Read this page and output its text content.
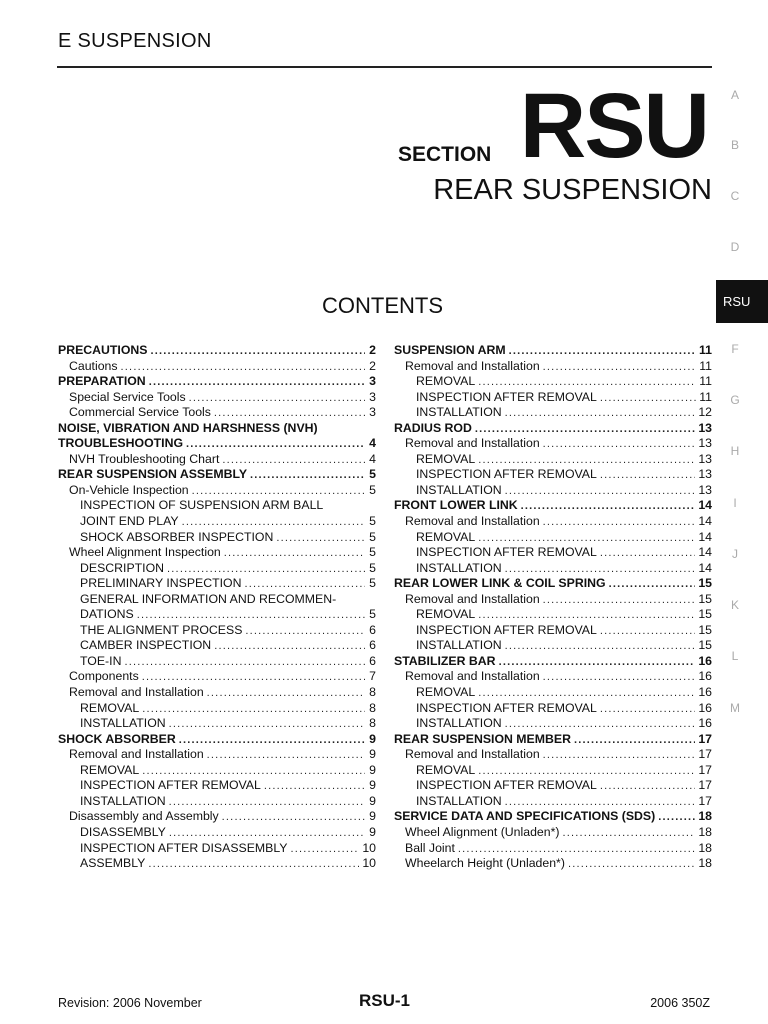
E SUSPENSION
SECTION RSU
REAR SUSPENSION
CONTENTS
A
B
C
D
RSU
F
G
H
I
J
K
L
M
PRECAUTIONS .....	2
Cautions .....	2
PREPARATION .....	3
Special Service Tools .....	3
Commercial Service Tools .....	3
NOISE, VIBRATION AND HARSHNESS (NVH)
TROUBLESHOOTING .....	4
NVH Troubleshooting Chart .....	4
REAR SUSPENSION ASSEMBLY .....	5
On-Vehicle Inspection .....	5
INSPECTION OF SUSPENSION ARM BALL
JOINT END PLAY .....	5
SHOCK ABSORBER INSPECTION .....	5
Wheel Alignment Inspection .....	5
DESCRIPTION .....	5
PRELIMINARY INSPECTION .....	5
GENERAL INFORMATION AND RECOMMEN-
DATIONS .....	5
THE ALIGNMENT PROCESS .....	6
CAMBER INSPECTION .....	6
TOE-IN .....	6
Components .....	7
Removal and Installation .....	8
REMOVAL .....	8
INSTALLATION .....	8
SHOCK ABSORBER .....	9
Removal and Installation .....	9
REMOVAL .....	9
INSPECTION AFTER REMOVAL .....	9
INSTALLATION .....	9
Disassembly and Assembly .....	9
DISASSEMBLY .....	9
INSPECTION AFTER DISASSEMBLY .....	10
ASSEMBLY .....	10
SUSPENSION ARM .....	11
Removal and Installation .....	11
REMOVAL .....	11
INSPECTION AFTER REMOVAL .....	11
INSTALLATION .....	12
RADIUS ROD .....	13
Removal and Installation .....	13
REMOVAL .....	13
INSPECTION AFTER REMOVAL .....	13
INSTALLATION .....	13
FRONT LOWER LINK .....	14
Removal and Installation .....	14
REMOVAL .....	14
INSPECTION AFTER REMOVAL .....	14
INSTALLATION .....	14
REAR LOWER LINK & COIL SPRING .....	15
Removal and Installation .....	15
REMOVAL .....	15
INSPECTION AFTER REMOVAL .....	15
INSTALLATION .....	15
STABILIZER BAR .....	16
Removal and Installation .....	16
REMOVAL .....	16
INSPECTION AFTER REMOVAL .....	16
INSTALLATION .....	16
REAR SUSPENSION MEMBER .....	17
Removal and Installation .....	17
REMOVAL .....	17
INSPECTION AFTER REMOVAL .....	17
INSTALLATION .....	17
SERVICE DATA AND SPECIFICATIONS (SDS) .....	18
Wheel Alignment (Unladen*) .....	18
Ball Joint .....	18
Wheelarch Height (Unladen*) .....	18
Revision: 2006 November	RSU-1	2006 350Z
